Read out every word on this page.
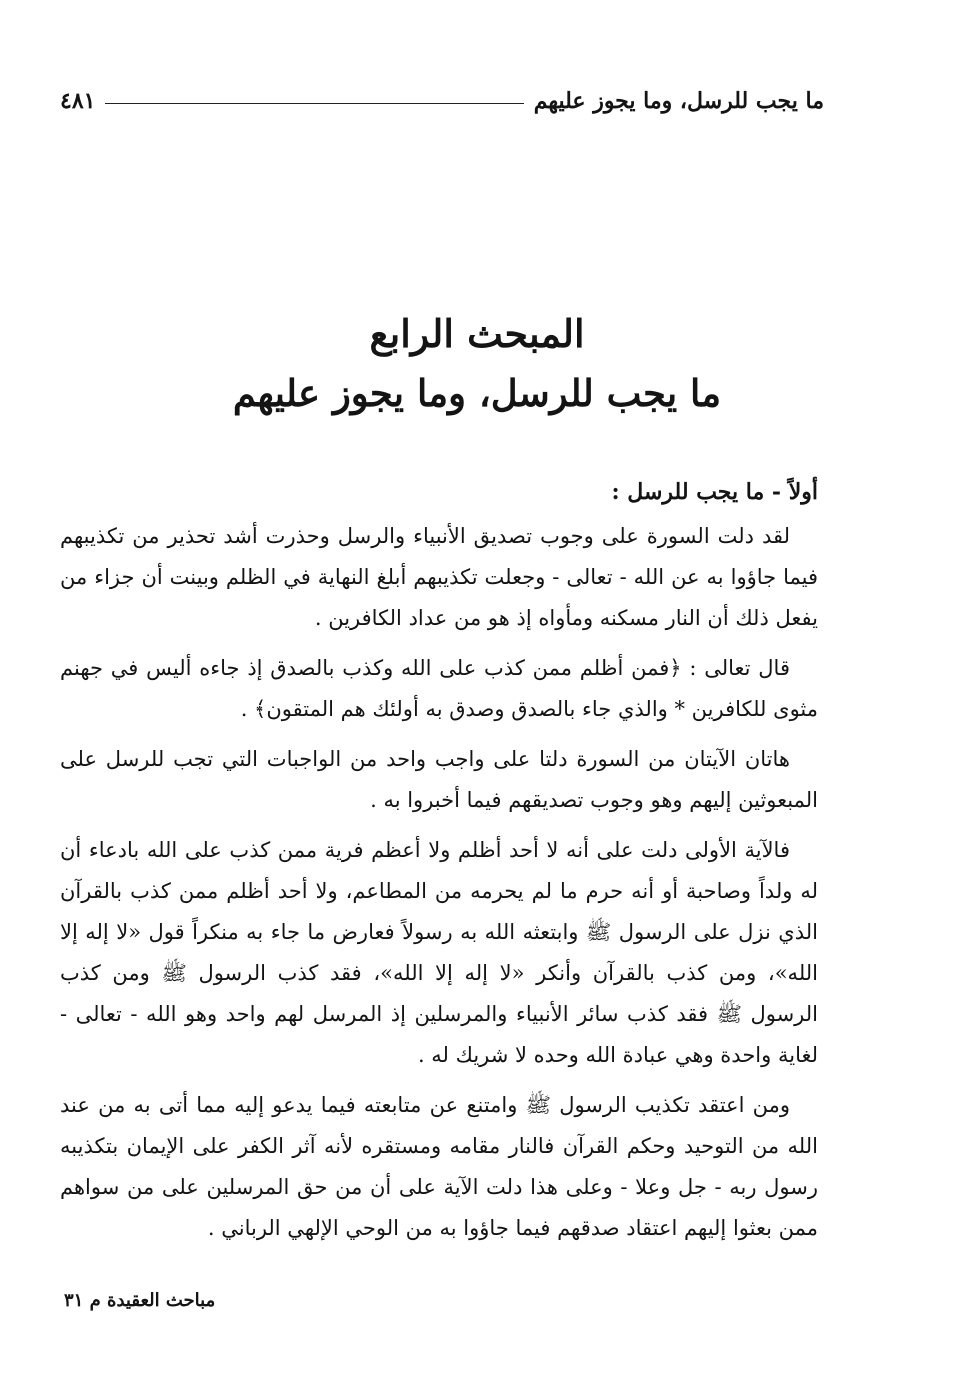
ما يجب للرسل، وما يجوز عليهم
٤٨١
المبحث الرابع
ما يجب للرسل، وما يجوز عليهم
أولاً - ما يجب للرسل :

لقد دلت السورة على وجوب تصديق الأنبياء والرسل وحذرت أشد تحذير من تكذيبهم فيما جاؤوا به عن الله - تعالى - وجعلت تكذيبهم أبلغ النهاية في الظلم وبينت أن جزاء من يفعل ذلك أن النار مسكنه ومأواه إذ هو من عداد الكافرين .

قال تعالى : ﴿فمن أظلم ممن كذب على الله وكذب بالصدق إذ جاءه أليس في جهنم مثوى للكافرين * والذي جاء بالصدق وصدق به أولئك هم المتقون﴾ .

هاتان الآيتان من السورة دلتا على واجب واحد من الواجبات التي تجب للرسل على المبعوثين إليهم وهو وجوب تصديقهم فيما أخبروا به .

فالآية الأولى دلت على أنه لا أحد أظلم ولا أعظم فرية ممن كذب على الله بادعاء أن له ولداً وصاحبة أو أنه حرم ما لم يحرمه من المطاعم، ولا أحد أظلم ممن كذب بالقرآن الذي نزل على الرسول ﷺ وابتعثه الله به رسولاً فعارض ما جاء به منكراً قول «لا إله إلا الله»، ومن كذب بالقرآن وأنكر «لا إله إلا الله»، فقد كذب الرسول ﷺ ومن كذب الرسول ﷺ فقد كذب سائر الأنبياء والمرسلين إذ المرسل لهم واحد وهو الله - تعالى - لغاية واحدة وهي عبادة الله وحده لا شريك له .

ومن اعتقد تكذيب الرسول ﷺ وامتنع عن متابعته فيما يدعو إليه مما أتى به من عند الله من التوحيد وحكم القرآن فالنار مقامه ومستقره لأنه آثر الكفر على الإيمان بتكذيبه رسول ربه - جل وعلا - وعلى هذا دلت الآية على أن من حق المرسلين على من سواهم ممن بعثوا إليهم اعتقاد صدقهم فيما جاؤوا به من الوحي الإلهي الرباني .

مباحث العقيدة م ٣١
